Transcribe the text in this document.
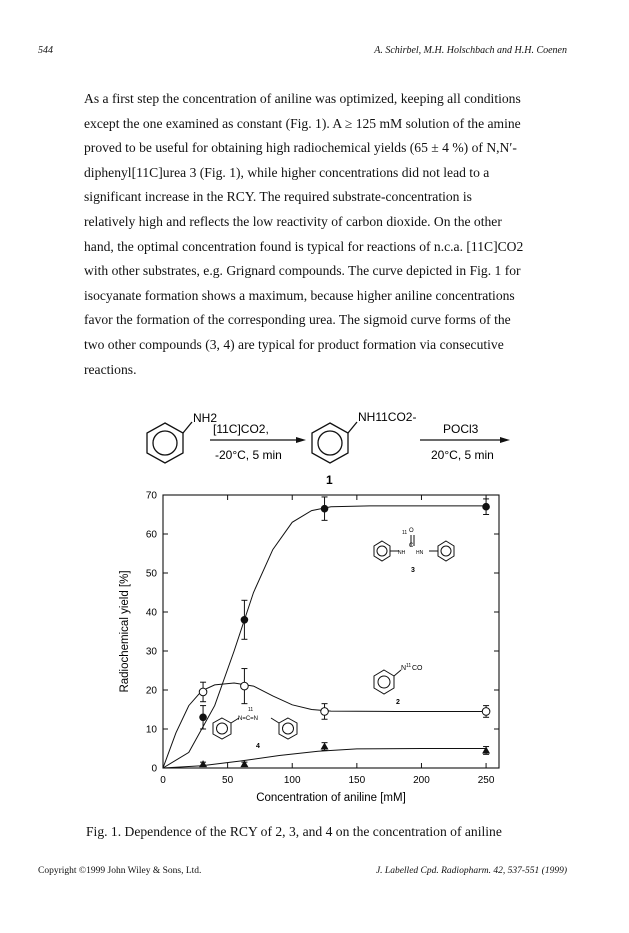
544	A. Schirbel, M.H. Holschbach and H.H. Coenen
As a first step the concentration of aniline was optimized, keeping all conditions
except the one examined as constant (Fig. 1). A ≥ 125 mM solution of the amine
proved to be useful for obtaining high radiochemical yields (65 ± 4 %) of N,N′-
diphenyl[11C]urea 3 (Fig. 1), while higher concentrations did not lead to a
significant increase in the RCY. The required substrate-concentration is
relatively high and reflects the low reactivity of carbon dioxide. On the other
hand, the optimal concentration found is typical for reactions of n.c.a. [11C]CO2
with other substrates, e.g. Grignard compounds. The curve depicted in Fig. 1 for
isocyanate formation shows a maximum, because higher aniline concentrations
favor the formation of the corresponding urea. The sigmoid curve forms of the
two other compounds (3, 4) are typical for product formation via consecutive
reactions.
NH2
[11C]CO2,
-20°C, 5 min
NH11CO2-
1
POCl3
20°C, 5 min
0	50	100	150	200	250
0
10
20
30
40
50
60
70
Concentration of aniline [mM]
Radiochemical yield [%]
11
C
O
NH HN
3
N 11 CO
2
11
N=C=N
4
Fig. 1. Dependence of the RCY of 2, 3, and 4 on the concentration of aniline
Copyright ©1999 John Wiley & Sons, Ltd.	J. Labelled Cpd. Radiopharm. 42, 537-551 (1999)
